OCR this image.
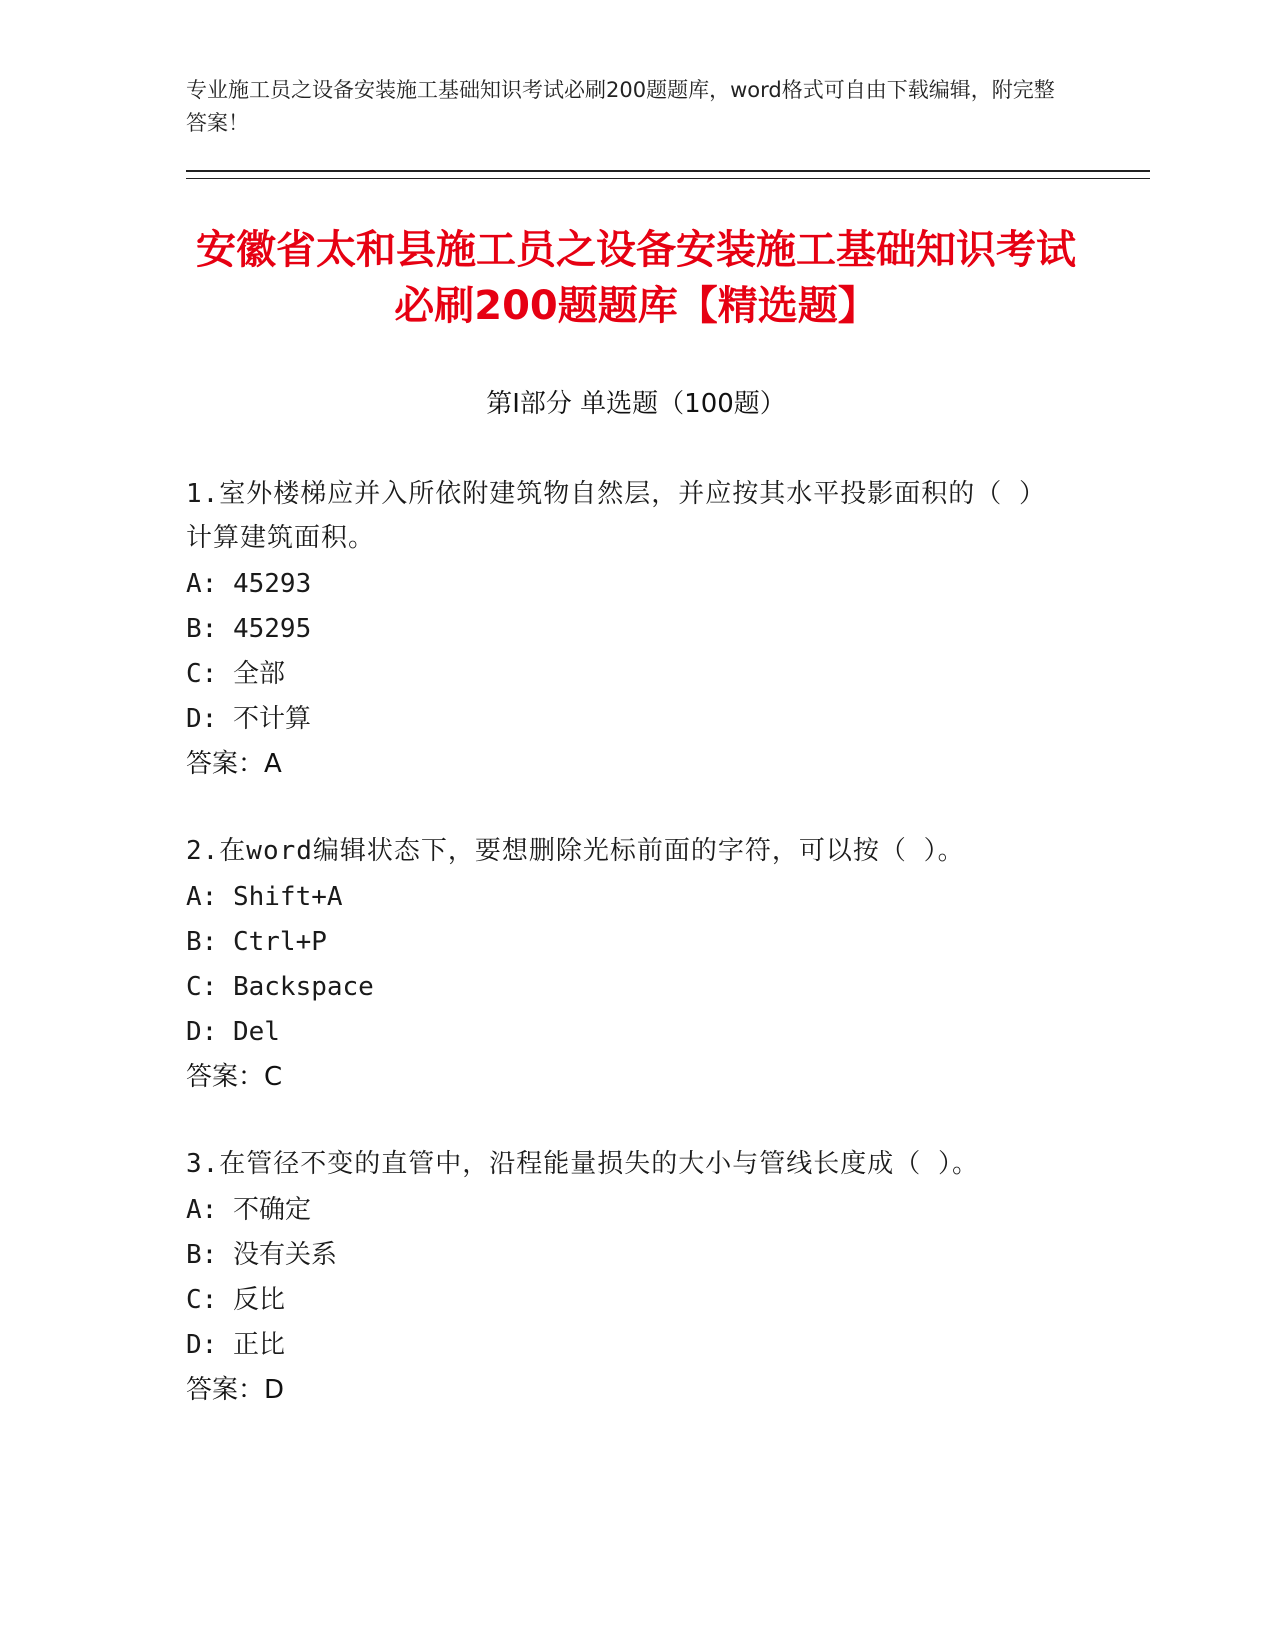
专业施工员之设备安装施工基础知识考试必刷200题题库，word格式可自由下载编辑，附完整答案！
安徽省太和县施工员之设备安装施工基础知识考试必刷200题题库【精选题】
第Ⅰ部分 单选题（100题）
1.室外楼梯应并入所依附建筑物自然层，并应按其水平投影面积的（ ）计算建筑面积。
A: 45293
B: 45295
C: 全部
D: 不计算
答案：A
2.在word编辑状态下，要想删除光标前面的字符，可以按（ ）。
A: Shift+A
B: Ctrl+P
C: Backspace
D: Del
答案：C
3.在管径不变的直管中，沿程能量损失的大小与管线长度成（ ）。
A: 不确定
B: 没有关系
C: 反比
D: 正比
答案：D
